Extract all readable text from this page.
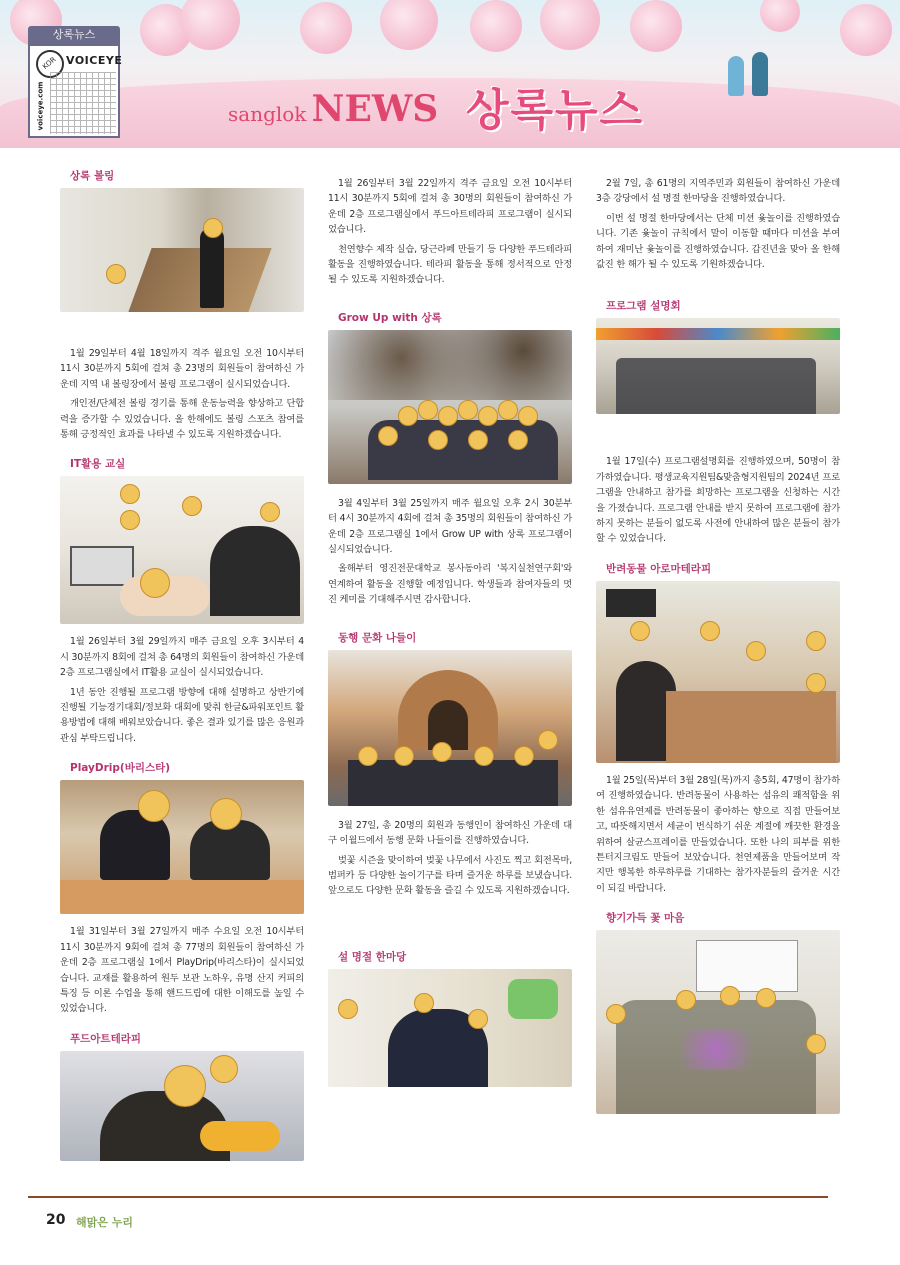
상록뉴스
KOR VOICEYE
voiceye.com	sanglok NEWS 상록뉴스
상록 볼링

1월 29일부터 4월 18일까지 격주 월요일 오전 10시부터 11시 30분까지 5회에 걸쳐 총 23명의 회원들이 참여하신 가운데 지역 내 볼링장에서 볼링 프로그램이 실시되었습니다.

개인전/단체전 볼링 경기를 통해 운동능력을 향상하고 단합력을 증가할 수 있었습니다. 올 한해에도 볼링 스포츠 참여를 통해 긍정적인 효과를 나타낼 수 있도록 지원하겠습니다.

IT활용 교실

1월 26일부터 3월 29일까지 매주 금요일 오후 3시부터 4시 30분까지 8회에 걸쳐 총 64명의 회원들이 참여하신 가운데 2층 프로그램실에서 IT활용 교실이 실시되었습니다.

1년 동안 진행될 프로그램 방향에 대해 설명하고 상반기에 진행될 기능경기대회/정보화 대회에 맞춰 한글&파워포인트 활용방법에 대해 배워보았습니다. 좋은 결과 있기를 많은 응원과 관심 부탁드립니다.

PlayDrip(바리스타)

1월 31일부터 3월 27일까지 매주 수요일 오전 10시부터 11시 30분까지 9회에 걸쳐 총 77명의 회원들이 참여하신 가운데 2층 프로그램실 1에서 PlayDrip(바리스타)이 실시되었습니다. 교재를 활용하여 원두 보관 노하우, 유명 산지 커피의 특징 등 이론 수업을 통해 핸드드립에 대한 이해도를 높일 수 있었습니다.

푸드아트테라피

1월 26일부터 3월 22일까지 격주 금요일 오전 10시부터 11시 30분까지 5회에 걸쳐 총 30명의 회원들이 참여하신 가운데 2층 프로그램실에서 푸드아트테라피 프로그램이 실시되었습니다.

천연향수 제작 실습, 당근라페 만들기 등 다양한 푸드테라피 활동을 진행하였습니다. 테라피 활동을 통해 정서적으로 안정될 수 있도록 지원하겠습니다.

Grow Up with 상록

3월 4일부터 3월 25일까지 매주 월요일 오후 2시 30분부터 4시 30분까지 4회에 걸쳐 총 35명의 회원들이 참여하신 가운데 2층 프로그램실 1에서 Grow UP with 상록 프로그램이 실시되었습니다.

올해부터 영진전문대학교 봉사동아리 '복지실천연구회'와 연계하여 활동을 진행할 예정입니다. 학생들과 참여자들의 멋진 케미를 기대해주시면 감사합니다.

동행 문화 나들이

3월 27일, 총 20명의 회원과 동행인이 참여하신 가운데 대구 이월드에서 동행 문화 나들이를 진행하였습니다.

벚꽃 시즌을 맞이하여 벚꽃 나무에서 사진도 찍고 회전목마, 범퍼카 등 다양한 놀이기구를 타며 즐거운 하루를 보냈습니다. 앞으로도 다양한 문화 활동을 즐길 수 있도록 지원하겠습니다.

설 명절 한마당

2월 7일, 총 61명의 지역주민과 회원들이 참여하신 가운데 3층 강당에서 설 명절 한마당을 진행하였습니다.

이번 설 명절 한마당에서는 단체 미션 윷놀이를 진행하였습니다. 기존 윷놀이 규칙에서 말이 이동할 때마다 미션을 부여하여 재미난 윷놀이를 진행하였습니다. 갑진년을 맞아 올 한해 값진 한 해가 될 수 있도록 기원하겠습니다.

프로그램 설명회

1월 17일(수) 프로그램설명회를 진행하였으며, 50명이 참가하였습니다. 평생교육지원팀&맞춤형지원팀의 2024년 프로그램을 안내하고 참가를 희망하는 프로그램을 신청하는 시간을 가졌습니다. 프로그램 안내를 받지 못하여 프로그램에 참가하지 못하는 분들이 없도록 사전에 안내하여 많은 분들이 참가할 수 있었습니다.

반려동물 아로마테라피

1월 25일(목)부터 3월 28일(목)까지 총5회, 47명이 참가하여 진행하였습니다. 반려동물이 사용하는 섬유의 쾌적함을 위한 섬유유연제를 반려동물이 좋아하는 향으로 직접 만들어보고, 따뜻해지면서 세균이 번식하기 쉬운 계절에 깨끗한 환경을 위하여 살균스프레이를 만들었습니다. 또한 나의 피부를 위한 튼터지크림도 만들어 보았습니다. 천연제품을 만들어보며 작지만 행복한 하루하루를 기대하는 참가자분들의 즐거운 시간이 되길 바랍니다.

향기가득 꽃 마음
20 해맑은 누리
